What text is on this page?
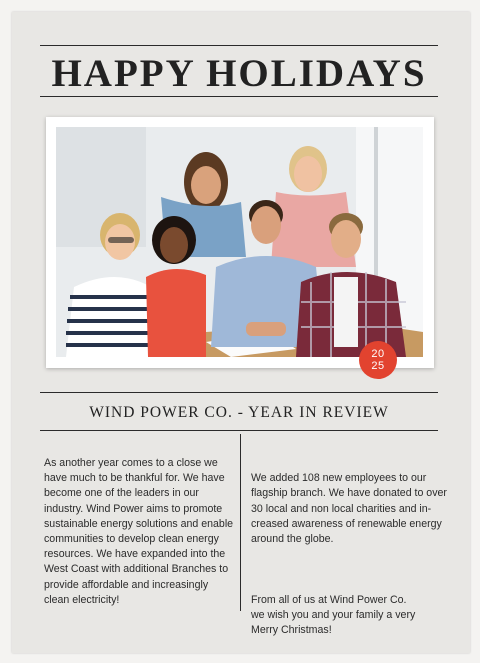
HAPPY HOLIDAYS
20
25
WIND POWER CO. - YEAR IN REVIEW
As another year comes to a close we
have much to be thankful for. We have
become one of the leaders in our
industry. Wind Power aims to promote
sustainable energy solutions and enable
communities to develop clean energy
resources. We have expanded into the
West Coast with additional Branches to
provide affordable and increasingly
clean electricity!

We added 108 new employees to our
flagship branch. We have donated to over
30 local and non local charities and in-
creased awareness of renewable energy
around the globe.

From all of us at Wind Power Co.
we wish you and your family a very
Merry Christmas!
